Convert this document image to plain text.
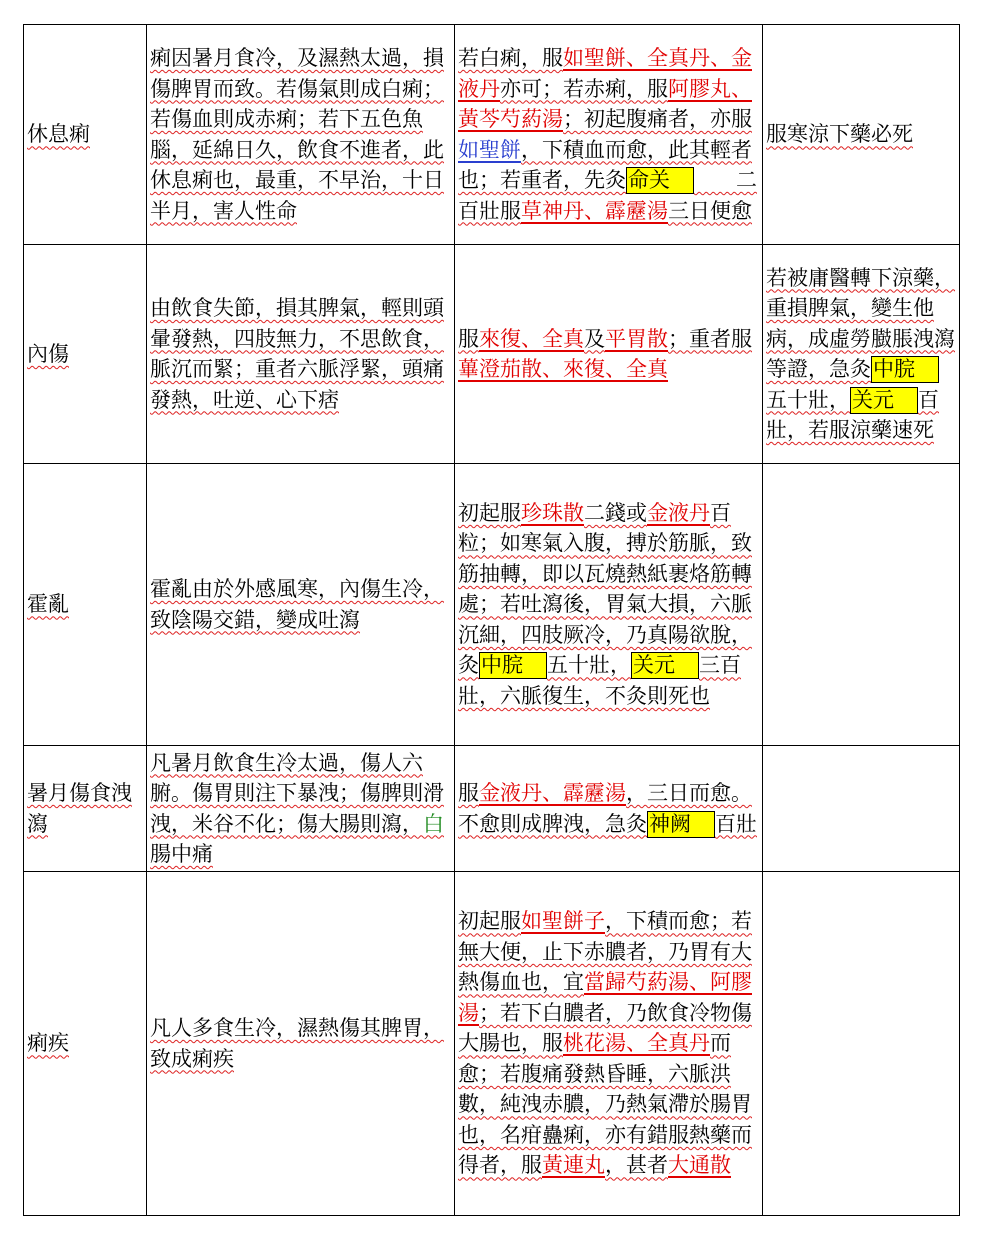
休息痢	痢因暑月食冷，及濕熱太過，損傷脾胃而致。若傷氣則成白痢；若傷血則成赤痢；若下五色魚腦，延綿日久，飲食不進者，此休息痢也，最重，不早治，十日半月，害人性命	若白痢，服如聖餅、全真丹、金液丹亦可；若赤痢，服阿膠丸、黃芩芍葯湯；初起腹痛者，亦服如聖餅，下積血而愈，此其輕者也；若重者，先灸命关　　二百壯服草神丹、霹靂湯三日便愈	服寒涼下藥必死
內傷	由飲食失節，損其脾氣，輕則頭暈發熱，四肢無力，不思飲食，脈沉而緊；重者六脈浮緊，頭痛發熱，吐逆、心下痞	服來復、全真及平胃散；重者服蓽澄茄散、來復、全真	若被庸醫轉下涼藥，重損脾氣，變生他病，成虛勞臌脹洩瀉等證，急灸中脘五十壯，关元 百壯，若服涼藥速死
霍亂	霍亂由於外感風寒，內傷生冷，致陰陽交錯，變成吐瀉	初起服珍珠散二錢或金液丹百粒；如寒氣入腹，搏於筋脈，致筋抽轉，即以瓦燒熱紙裹烙筋轉處；若吐瀉後，胃氣大損，六脈沉細，四肢厥冷，乃真陽欲脫，灸中脘 五十壯，关元 三百壯，六脈復生，不灸則死也	
暑月傷食洩瀉	凡暑月飲食生冷太過，傷人六腑。傷胃則注下暴洩；傷脾則滑洩，米谷不化；傷大腸則瀉，白腸中痛	服金液丹、霹靂湯，三日而愈。不愈則成脾洩，急灸神阙 百壯	
痢疾	凡人多食生冷，濕熱傷其脾胃，致成痢疾	初起服如聖餅子，下積而愈；若無大便，止下赤膿者，乃胃有大熱傷血也，宜當歸芍葯湯、阿膠湯；若下白膿者，乃飲食冷物傷大腸也，服桃花湯、全真丹而愈；若腹痛發熱昏睡，六脈洪數，純洩赤膿，乃熱氣滯於腸胃也，名疳蠱痢，亦有錯服熱藥而得者，服黃連丸，甚者大通散	
